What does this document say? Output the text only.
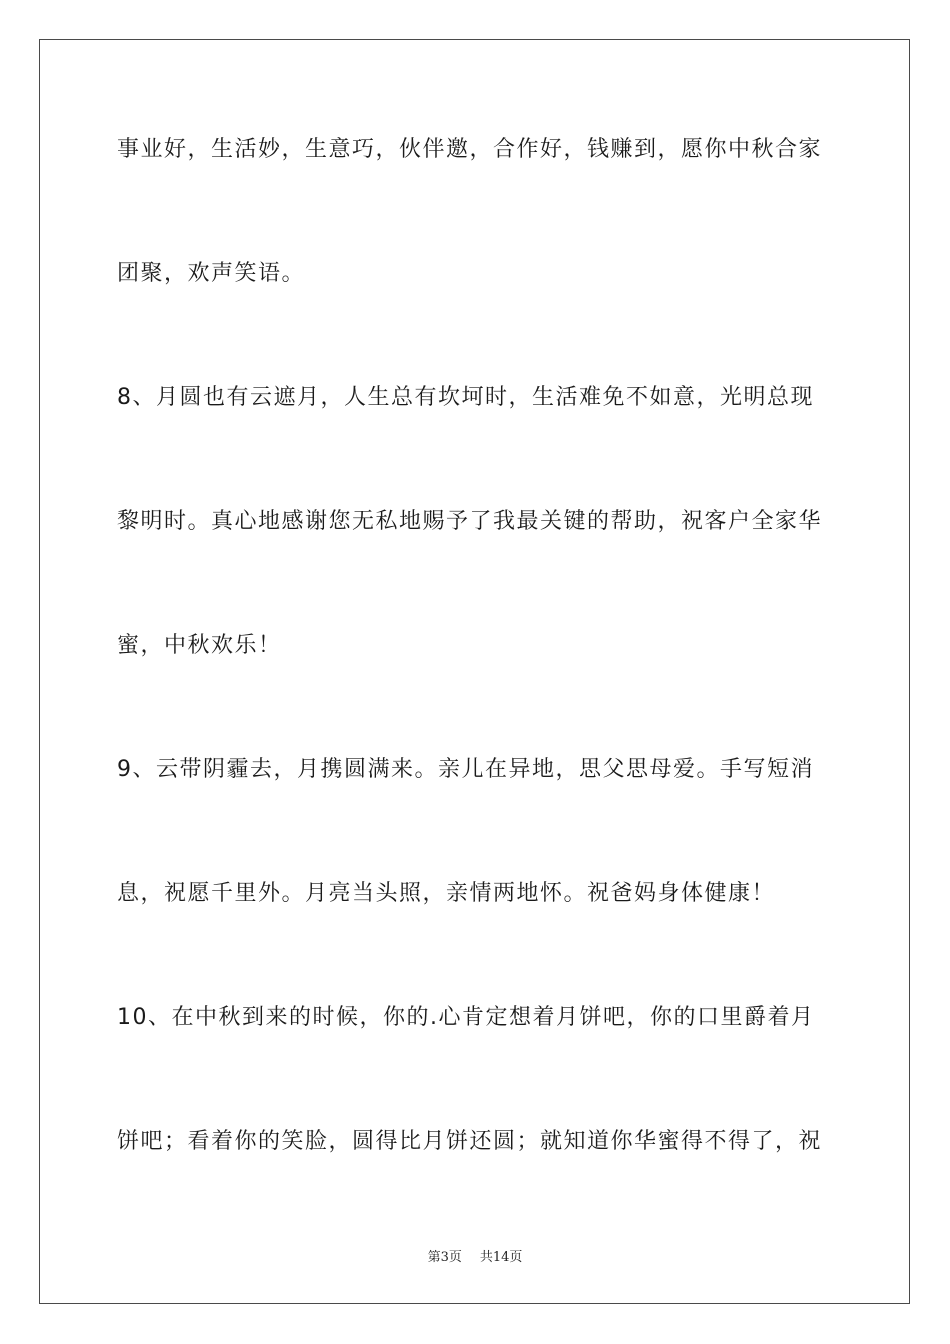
事业好，生活妙，生意巧，伙伴邀，合作好，钱赚到，愿你中秋合家
团聚，欢声笑语。
8、月圆也有云遮月，人生总有坎坷时，生活难免不如意，光明总现
黎明时。真心地感谢您无私地赐予了我最关键的帮助，祝客户全家华
蜜，中秋欢乐！
9、云带阴霾去，月携圆满来。亲儿在异地，思父思母爱。手写短消
息，祝愿千里外。月亮当头照，亲情两地怀。祝爸妈身体健康！
10、在中秋到来的时候，你的.心肯定想着月饼吧，你的口里爵着月
饼吧；看着你的笑脸，圆得比月饼还圆；就知道你华蜜得不得了，祝
第3页 共14页
